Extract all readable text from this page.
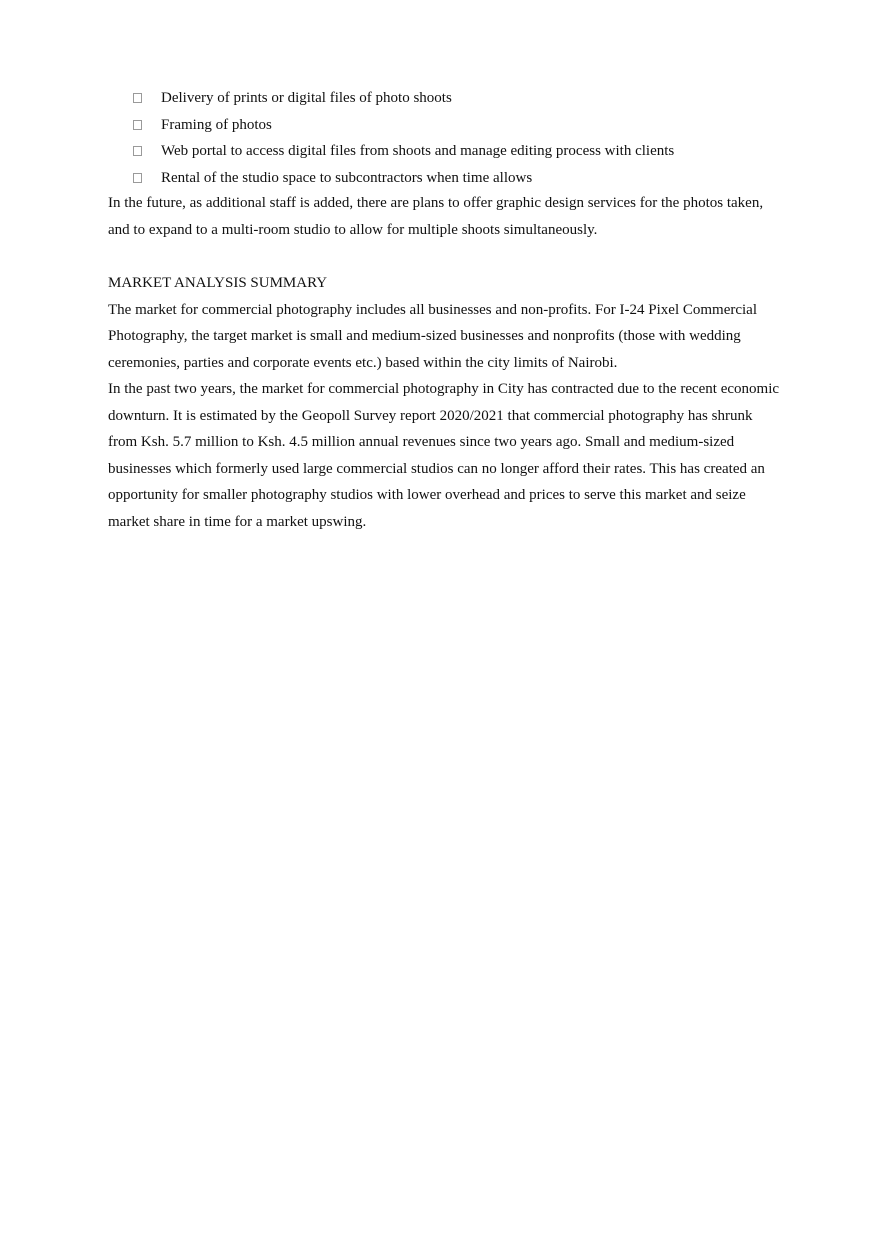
Delivery of prints or digital files of photo shoots
Framing of photos
Web portal to access digital files from shoots and manage editing process with clients
Rental of the studio space to subcontractors when time allows

In the future, as additional staff is added, there are plans to offer graphic design services for the photos taken, and to expand to a multi-room studio to allow for multiple shoots simultaneously.

MARKET ANALYSIS SUMMARY

The market for commercial photography includes all businesses and non-profits. For I-24 Pixel Commercial Photography, the target market is small and medium-sized businesses and nonprofits (those with wedding ceremonies, parties and corporate events etc.) based within the city limits of Nairobi.

In the past two years, the market for commercial photography in City has contracted due to the recent economic downturn. It is estimated by the Geopoll Survey report 2020/2021 that commercial photography has shrunk from Ksh. 5.7 million to Ksh. 4.5 million annual revenues since two years ago. Small and medium-sized businesses which formerly used large commercial studios can no longer afford their rates. This has created an opportunity for smaller photography studios with lower overhead and prices to serve this market and seize market share in time for a market upswing.
